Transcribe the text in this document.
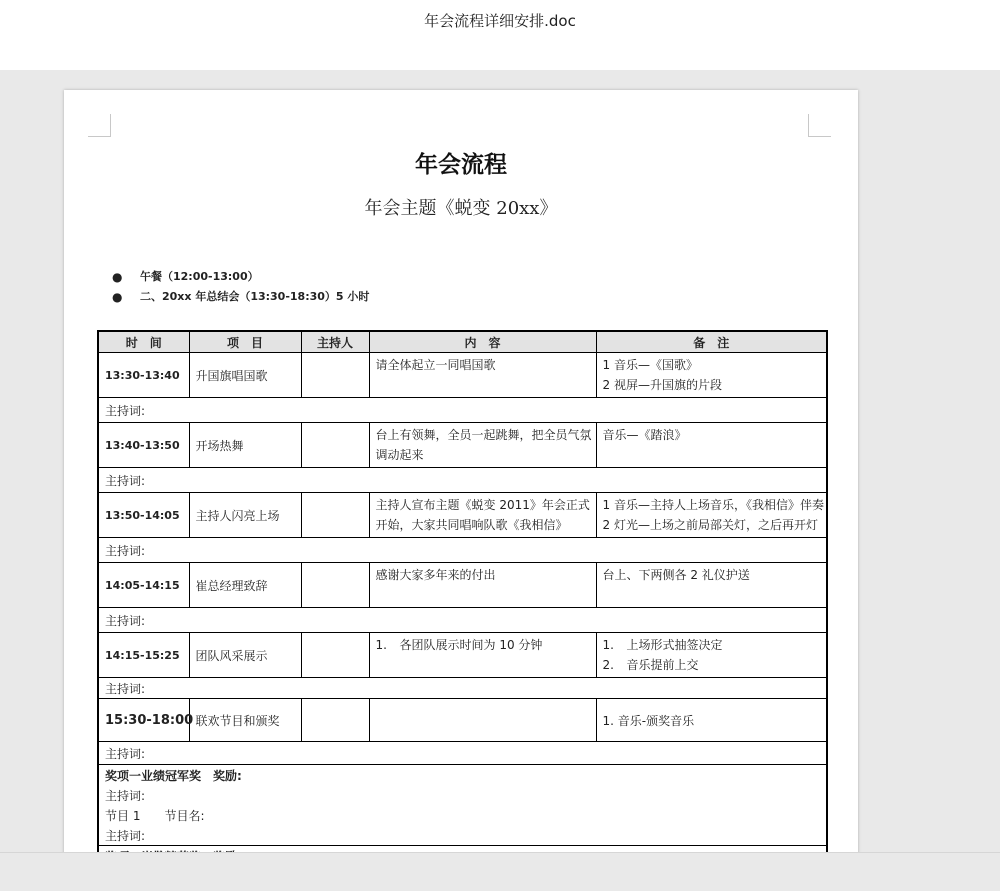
年会流程详细安排.doc
年会流程
年会主题《蜕变 20xx》
● 午餐（12:00-13:00）
● 二、20xx 年总结会（13:30-18:30）5 小时
时　间	项　目	主持人	内　容	备　注
13:30-13:40	升国旗唱国歌		请全体起立一同唱国歌	1 音乐—《国歌》
2 视屏—升国旗的片段

主持词:				
13:40-13:50	开场热舞		台上有领舞，全员一起跳舞，把全员气氛
调动起来	音乐—《踏浪》

主持词:				
13:50-14:05	主持人闪亮上场		主持人宣布主题《蜕变 2011》年会正式
开始，大家共同唱响队歌《我相信》	1 音乐—主持人上场音乐，《我相信》伴奏
2 灯光—上场之前局部关灯，之后再开灯

主持词:				
14:05-14:15	崔总经理致辞		感谢大家多年来的付出	台上、下两侧各 2 礼仪护送

主持词:				
14:15-15:25	团队风采展示		1. 各团队展示时间为 10 分钟	1. 上场形式抽签决定
2. 音乐提前上交

主持词:				
15:30-18:00	联欢节目和颁奖			1. 音乐-颁奖音乐
主持词:				
奖项一业绩冠军奖　奖励:				
主持词:				
节目 1　　节目名:				
主持词:				
